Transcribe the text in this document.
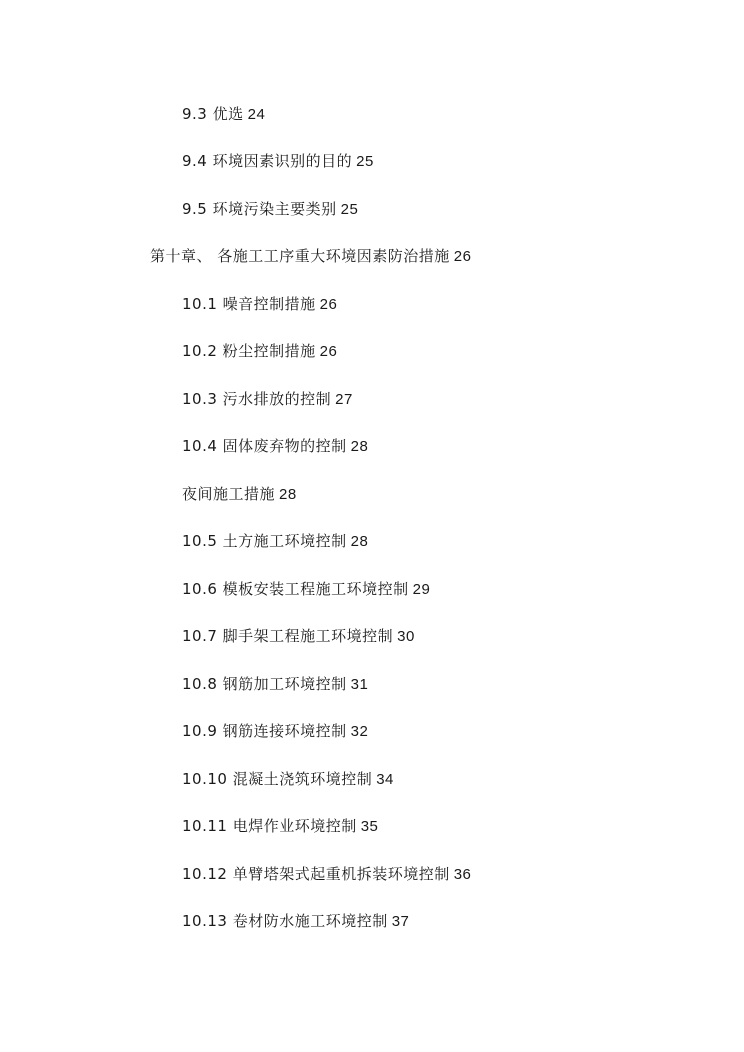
9.3 优选 24
9.4 环境因素识别的目的 25
9.5 环境污染主要类别 25
第十章、 各施工工序重大环境因素防治措施 26
10.1 噪音控制措施 26
10.2 粉尘控制措施 26
10.3 污水排放的控制 27
10.4 固体废弃物的控制 28
夜间施工措施 28
10.5 土方施工环境控制 28
10.6 模板安装工程施工环境控制 29
10.7 脚手架工程施工环境控制 30
10.8 钢筋加工环境控制 31
10.9 钢筋连接环境控制 32
10.10 混凝土浇筑环境控制 34
10.11 电焊作业环境控制 35
10.12 单臂塔架式起重机拆装环境控制 36
10.13 卷材防水施工环境控制 37
